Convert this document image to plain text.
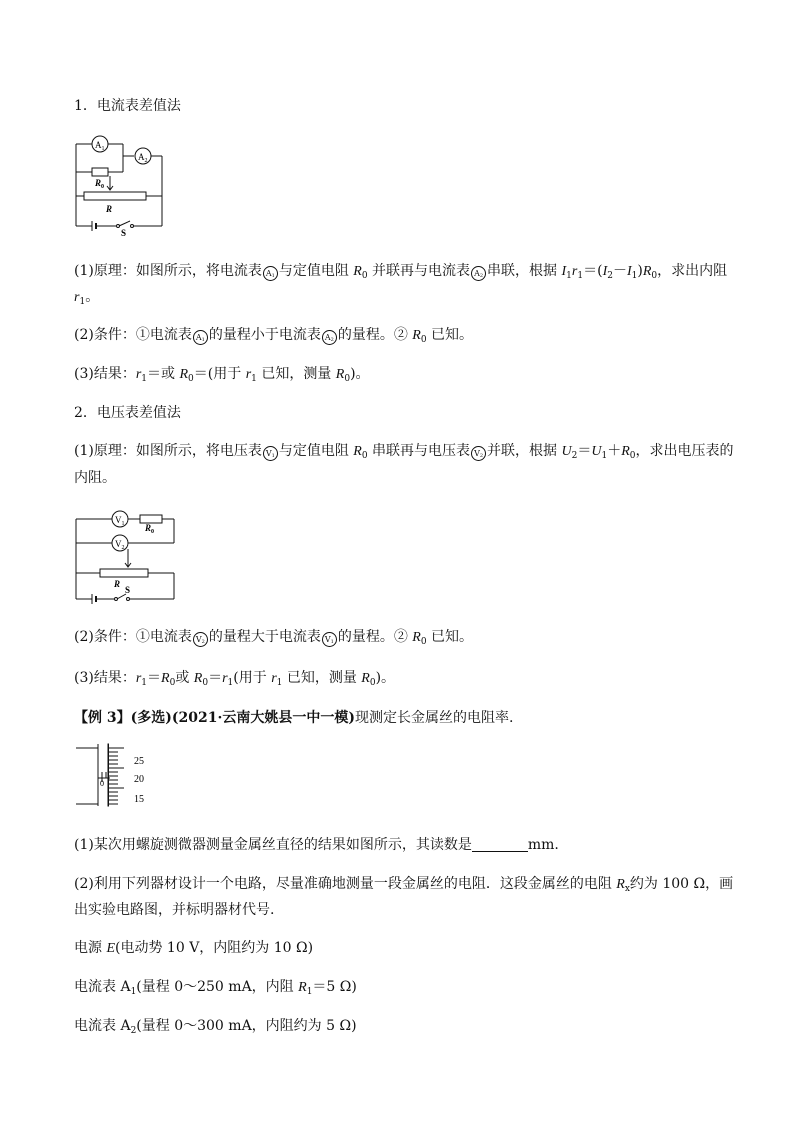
1．电流表差值法
$A_1$
$A_2$
$R_0$
R
S
(1)原理：如图所示，将电流表 $A_1$ 与定值电阻 $R_0$ 并联再与电流表 $A_2$ 串联，根据 $I_1r_1=(I_2-I_1)R_0$，求出内阻
$r_1$。
(2)条件：①电流表 $A_1$ 的量程小于电流表 $A_2$ 的量程。② $R_0$ 已知。
(3)结果：$r_1=$或 $R_0=$(用于 $r_1$ 已知，测量 $R_0$)。
2．电压表差值法
(1)原理：如图所示，将电压表 $V_1$ 与定值电阻 $R_0$ 串联再与电压表 $V_2$ 并联，根据 $U_2=U_1+R_0$，求出电压表的
内阻。
$V_1$
$V_2$
$R_0$
R
S
(2)条件：①电流表 $V_2$ 的量程大于电流表 $V_1$ 的量程。② $R_0$ 已知。
(3)结果：$r_1=R_0$或 $R_0=r_1$(用于 $r_1$ 已知，测量 $R_0$)。
【例 3】(多选)(2021·云南大姚县一中一模)现测定长金属丝的电阻率.
25
20
15
0
(1)某次用螺旋测微器测量金属丝直径的结果如图所示，其读数是	mm.
(2)利用下列器材设计一个电路，尽量准确地测量一段金属丝的电阻．这段金属丝的电阻 $R_x$约为 100 Ω，画
出实验电路图，并标明器材代号.
电源 E(电动势 10 V，内阻约为 10 Ω)
电流表 $A_1$(量程 0～250 mA，内阻 $R_1=5$ Ω)
电流表 $A_2$(量程 0～300 mA，内阻约为 5 Ω)
